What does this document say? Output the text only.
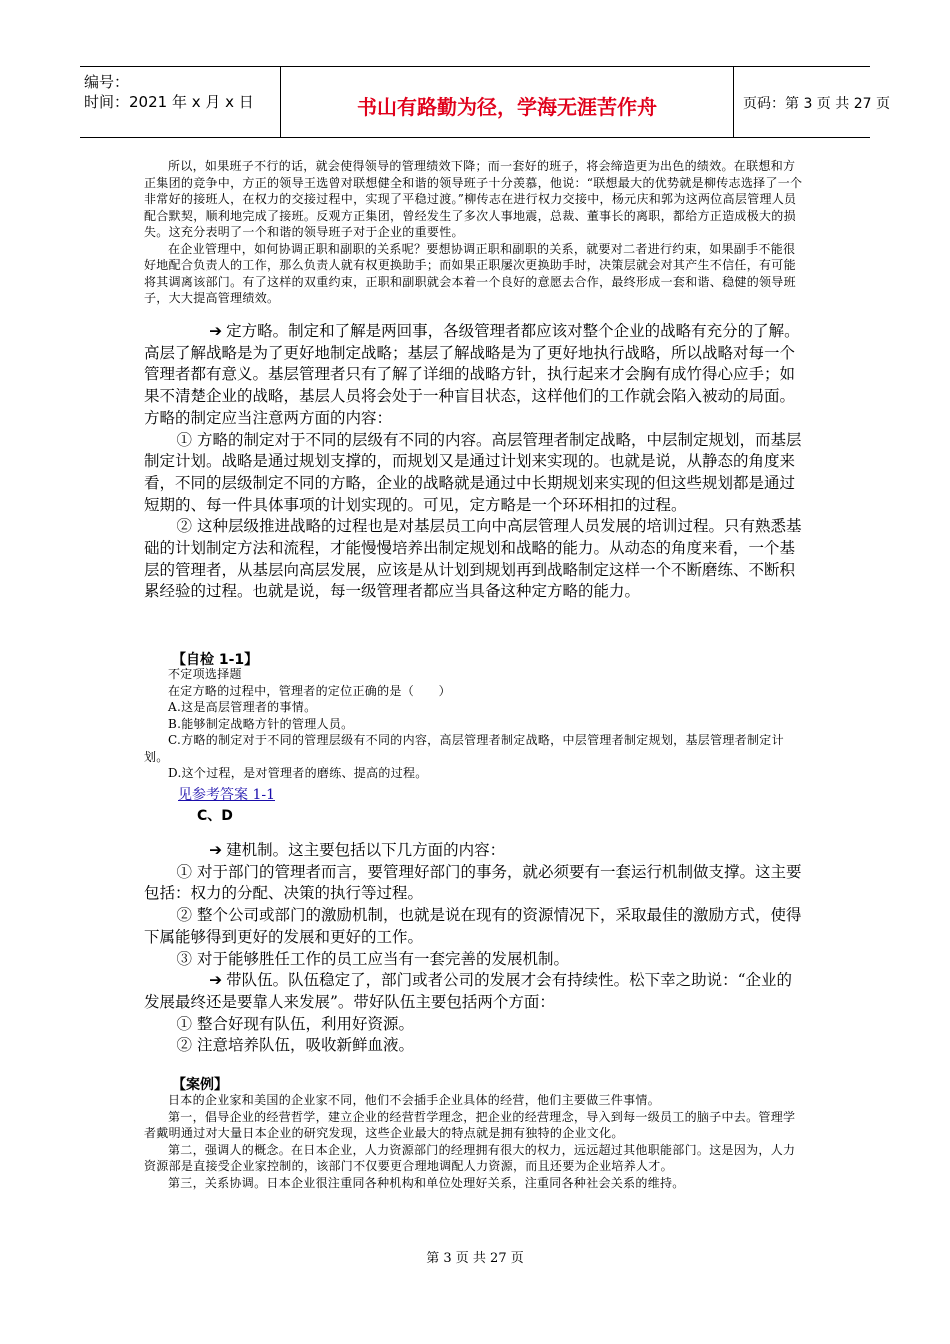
编号：
时间：2021 年 x 月 x 日	书山有路勤为径，学海无涯苦作舟	页码：第 3 页 共 27 页

所以，如果班子不行的话，就会使得领导的管理绩效下降；而一套好的班子，将会缔造更为出色的绩效。在联想和方正集团的竞争中，方正的领导王选曾对联想健全和谐的领导班子十分羡慕，他说：“联想最大的优势就是柳传志选择了一个非常好的接班人，在权力的交接过程中，实现了平稳过渡。”柳传志在进行权力交接中，杨元庆和郭为这两位高层管理人员配合默契，顺利地完成了接班。反观方正集团，曾经发生了多次人事地震，总裁、董事长的离职，都给方正造成极大的损失。这充分表明了一个和谐的领导班子对于企业的重要性。

在企业管理中，如何协调正职和副职的关系呢？要想协调正职和副职的关系，就要对二者进行约束，如果副手不能很好地配合负责人的工作，那么负责人就有权更换助手；而如果正职屡次更换助手时，决策层就会对其产生不信任，有可能将其调离该部门。有了这样的双重约束，正职和副职就会本着一个良好的意愿去合作，最终形成一套和谐、稳健的领导班子，大大提高管理绩效。

➔ 定方略。制定和了解是两回事，各级管理者都应该对整个企业的战略有充分的了解。高层了解战略是为了更好地制定战略；基层了解战略是为了更好地执行战略，所以战略对每一个管理者都有意义。基层管理者只有了解了详细的战略方针，执行起来才会胸有成竹得心应手；如果不清楚企业的战略，基层人员将会处于一种盲目状态，这样他们的工作就会陷入被动的局面。方略的制定应当注意两方面的内容：

① 方略的制定对于不同的层级有不同的内容。高层管理者制定战略，中层制定规划，而基层制定计划。战略是通过规划支撑的，而规划又是通过计划来实现的。也就是说，从静态的角度来看，不同的层级制定不同的方略，企业的战略就是通过中长期规划来实现的但这些规划都是通过短期的、每一件具体事项的计划实现的。可见，定方略是一个环环相扣的过程。

② 这种层级推进战略的过程也是对基层员工向中高层管理人员发展的培训过程。只有熟悉基础的计划制定方法和流程，才能慢慢培养出制定规划和战略的能力。从动态的角度来看，一个基层的管理者，从基层向高层发展，应该是从计划到规划再到战略制定这样一个不断磨练、不断积累经验的过程。也就是说，每一级管理者都应当具备这种定方略的能力。

【自检 1-1】

不定项选择题

在定方略的过程中，管理者的定位正确的是（　　）

A.这是高层管理者的事情。

B.能够制定战略方针的管理人员。

C.方略的制定对于不同的管理层级有不同的内容，高层管理者制定战略，中层管理者制定规划，基层管理者制定计划。

D.这个过程，是对管理者的磨练、提高的过程。

见参考答案 1-1
C、D

➔ 建机制。这主要包括以下几方面的内容：

① 对于部门的管理者而言，要管理好部门的事务，就必须要有一套运行机制做支撑。这主要包括：权力的分配、决策的执行等过程。

② 整个公司或部门的激励机制，也就是说在现有的资源情况下，采取最佳的激励方式，使得下属能够得到更好的发展和更好的工作。

③ 对于能够胜任工作的员工应当有一套完善的发展机制。

➔ 带队伍。队伍稳定了，部门或者公司的发展才会有持续性。松下幸之助说：“企业的发展最终还是要靠人来发展”。带好队伍主要包括两个方面：

① 整合好现有队伍，利用好资源。

② 注意培养队伍，吸收新鲜血液。

【案例】

日本的企业家和美国的企业家不同，他们不会插手企业具体的经营，他们主要做三件事情。

第一，倡导企业的经营哲学，建立企业的经营哲学理念，把企业的经营理念，导入到每一级员工的脑子中去。管理学者戴明通过对大量日本企业的研究发现，这些企业最大的特点就是拥有独特的企业文化。

第二，强调人的概念。在日本企业，人力资源部门的经理拥有很大的权力，远远超过其他职能部门。这是因为，人力资源部是直接受企业家控制的，该部门不仅要更合理地调配人力资源，而且还要为企业培养人才。

第三，关系协调。日本企业很注重同各种机构和单位处理好关系，注重同各种社会关系的维持。

第 3 页 共 27 页
